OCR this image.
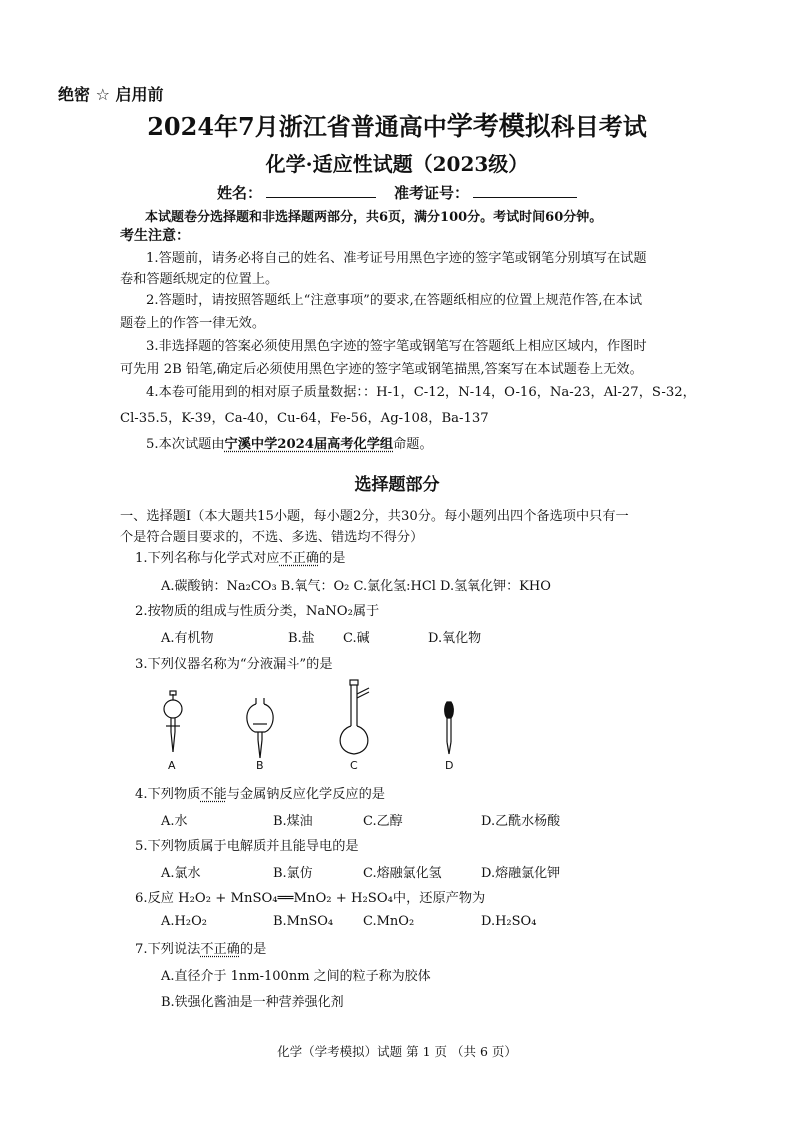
绝密 ☆ 启用前
2024年7月浙江省普通高中学考模拟科目考试
化学·适应性试题（2023级）
姓名：	准考证号：
本试题卷分选择题和非选择题两部分，共6页，满分100分。考试时间60分钟。
考生注意：
1.答题前，请务必将自己的姓名、准考证号用黑色字迹的签字笔或钢笔分别填写在试题
卷和答题纸规定的位置上。
2.答题时，请按照答题纸上“注意事项”的要求,在答题纸相应的位置上规范作答,在本试
题卷上的作答一律无效。
3.非选择题的答案必须使用黑色字迹的签字笔或钢笔写在答题纸上相应区域内，作图时
可先用 2B 铅笔,确定后必须使用黑色字迹的签字笔或钢笔描黑,答案写在本试题卷上无效。
4.本卷可能用到的相对原子质量数据：：H-1，C-12，N-14，O-16，Na-23，Al-27，S-32，
Cl-35.5，K-39，Ca-40，Cu-64，Fe-56，Ag-108，Ba-137
5.本次试题由宁溪中学2024届高考化学组命题。
选择题部分
一、选择题Ⅰ（本大题共15小题，每小题2分，共30分。每小题列出四个备选项中只有一
个是符合题目要求的，不选、多选、错选均不得分）
1.下列名称与化学式对应不正确的是
A.碳酸钠：Na₂CO₃ B.氧气：O₂ C.氯化氢:HCl D.氢氧化钾：KHO
2.按物质的组成与性质分类，NaNO₂属于
A.有机物	B.盐 C.碱	D.氧化物
3.下列仪器名称为“分液漏斗”的是
A	B	C	D
4.下列物质不能与金属钠反应化学反应的是
A.水	B.煤油	C.乙醇	D.乙酰水杨酸
5.下列物质属于电解质并且能导电的是
A.氯水	B.氯仿	C.熔融氯化氢	D.熔融氯化钾
6.反应 H₂O₂ + MnSO₄══MnO₂ + H₂SO₄中，还原产物为
A.H₂O₂	B.MnSO₄ C.MnO₂	D.H₂SO₄
7.下列说法不正确的是
A.直径介于 1nm-100nm 之间的粒子称为胶体
B.铁强化酱油是一种营养强化剂
化学（学考模拟）试题 第 1 页 （共 6 页）
